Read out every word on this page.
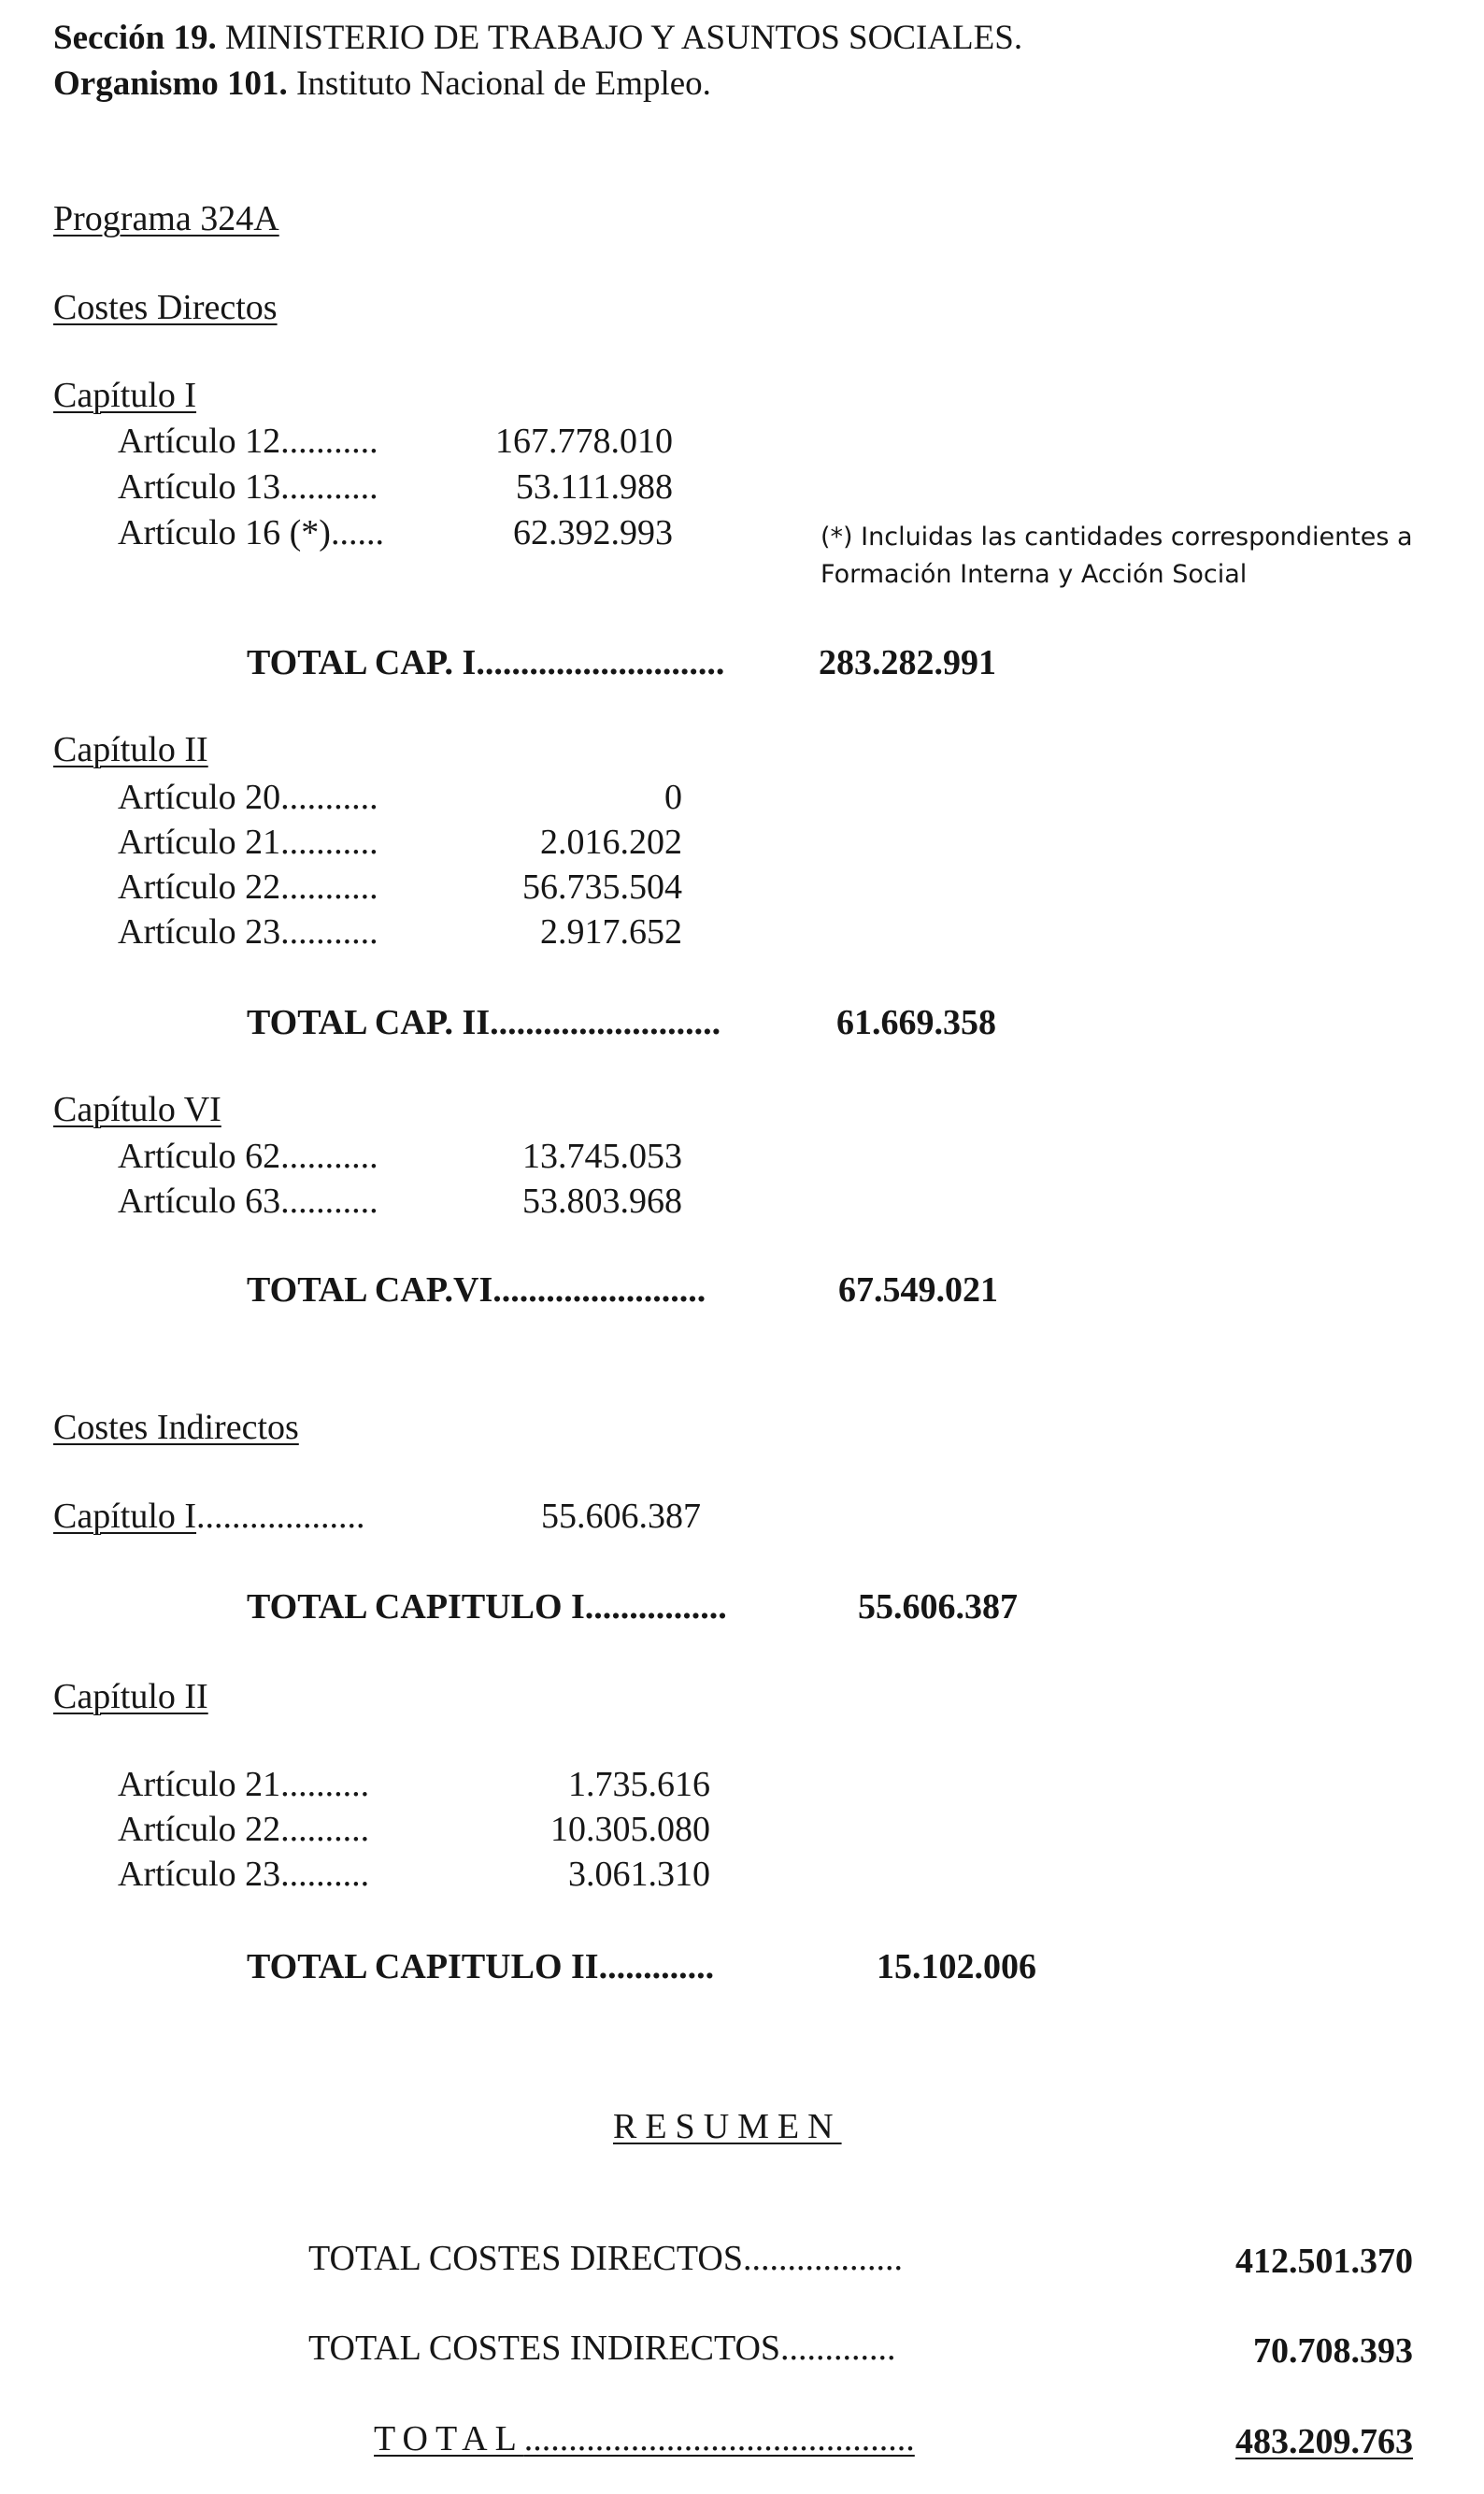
Sección 19. MINISTERIO DE TRABAJO Y ASUNTOS SOCIALES.
Organismo 101. Instituto Nacional de Empleo.
Programa 324A
Costes Directos
Capítulo I
Artículo 12...........	167.778.010
Artículo 13...........	53.111.988
Artículo 16 (*)......	62.392.993	(*) Incluidas las cantidades correspondientes a
Formación Interna y Acción Social
TOTAL CAP. I............................	283.282.991
Capítulo II
Artículo 20...........	0
Artículo 21...........	2.016.202
Artículo 22...........	56.735.504
Artículo 23...........	2.917.652
TOTAL CAP. II..........................	61.669.358
Capítulo VI
Artículo 62...........	13.745.053
Artículo 63...........	53.803.968
TOTAL CAP.VI........................	67.549.021
Costes Indirectos
Capítulo I...................	55.606.387
TOTAL CAPITULO I................	55.606.387
Capítulo II
Artículo 21..........	1.735.616
Artículo 22..........	10.305.080
Artículo 23..........	3.061.310
TOTAL CAPITULO II.............	15.102.006
RESUMEN
TOTAL COSTES DIRECTOS..................	412.501.370
TOTAL COSTES INDIRECTOS.............	70.708.393
TOTAL............................................	483.209.763
